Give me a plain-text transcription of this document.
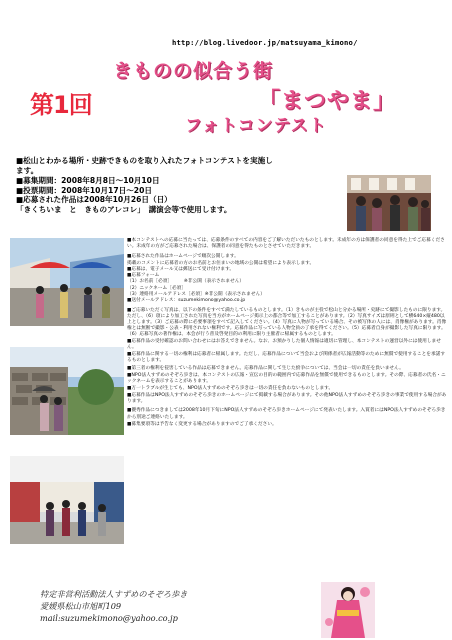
http://blog.livedoor.jp/matsuyama_kimono/
きものの似合う街
「まつやま」
フォトコンテスト
第1回
■松山とわかる場所・史跡できものを取り入れたフォトコンテストを実施し
ます。
■募集期間：2008年8月8日〜10月10日
■投票期間：2008年10月17日〜20日
■応募された作品は2008年10月26日（日）
「きくちいま　と　きものアレコレ」　講演会等で使用します。
■本コンテストへの応募に当たっては、応募条件のすべての内容をご了解いただいたものとします。未成年の方は保護者の同意を得た上でご応募ください。未成年の方がご応募された場合は、保護者の同意を得たものとさせていただきます。
■応募された作品はホームページで順次公開します。
掲載のコメントに応募者の方のお名前とお住まいの地域の公開は希望により表示します。
■応募は、電子メール又は郵送にて受け付けます。
■応募フォーム
（1）お名前［必須］　　　※非公開（表示されません）
（2）ニックネーム［必須］
（3）連絡用メールアドレス［必須］※非公開（表示されません）
■送付メールアドレス：suzumekimono@yahoo.co.jp
■ご応募いただく写真は、以下の条件をすべて満たしているものとします。（1）きものが主役で松山と分かる場所・史跡にて撮影したものに限ります。ただし、（6）項により加工された写真を当方がホームページ掲示上の都合等で加工することがあります。（2）写真サイズは原則として横640×縦480以上とします。（3）ご応募の際に必要事項をすべて記入してください。（4）写真に人物が写っている場合、その被写体の人には、肖像権があります。肖像権とは無断で撮影・公表・利用されない権利です。応募作品に写っている人物全員の了承を得てください。（5）応募者自身が撮影した写真に限ります。（6）応募写真の著作権は、本会が行う普及啓発目的の利用に限り主催者に帰属するものとします。
■応募作品の受付確認のお問い合わせにはお答えできません。なお、お預かりした個人情報は適切に管理し、本コンテストの運営以外には使用しません。
■応募作品に関する一切の権利は応募者に帰属します。ただし、応募作品について当会および関係者が広報活動等のために無償で使用することを承諾するものとします。
■第三者の権利を侵害している作品は応募できません。応募作品に関して生じた紛争については、当会は一切の責任を負いません。
■NPO法人すずめのそぞろ歩きは、本コンテストの広報・宣伝の目的の範囲内で応募作品を無償で使用できるものとします。その際、応募者の氏名・ニックネームを表示することがあります。
■万一トラブルが生じても、NPO法人すずめのそぞろ歩きは一切の責任を負わないものとします。
■応募作品はNPO法人すずめのそぞろ歩きのホームページにて掲載する場合があります。その他NPO法人すずめのそぞろ歩きの事業で使用する場合があります。
■優秀作品につきましては2008年10月下旬にNPO法人すずめのそぞろ歩きホームページにて発表いたします。入賞者にはNPO法人すずめのそぞろ歩きから別途ご連絡いたします。
■募集要項等は予告なく変更する場合がありますのでご了承ください。
特定非営利活動法人すずめのそぞろ歩き
愛媛県松山市旭町109
mail:suzumekimono@yahoo.co.jp
